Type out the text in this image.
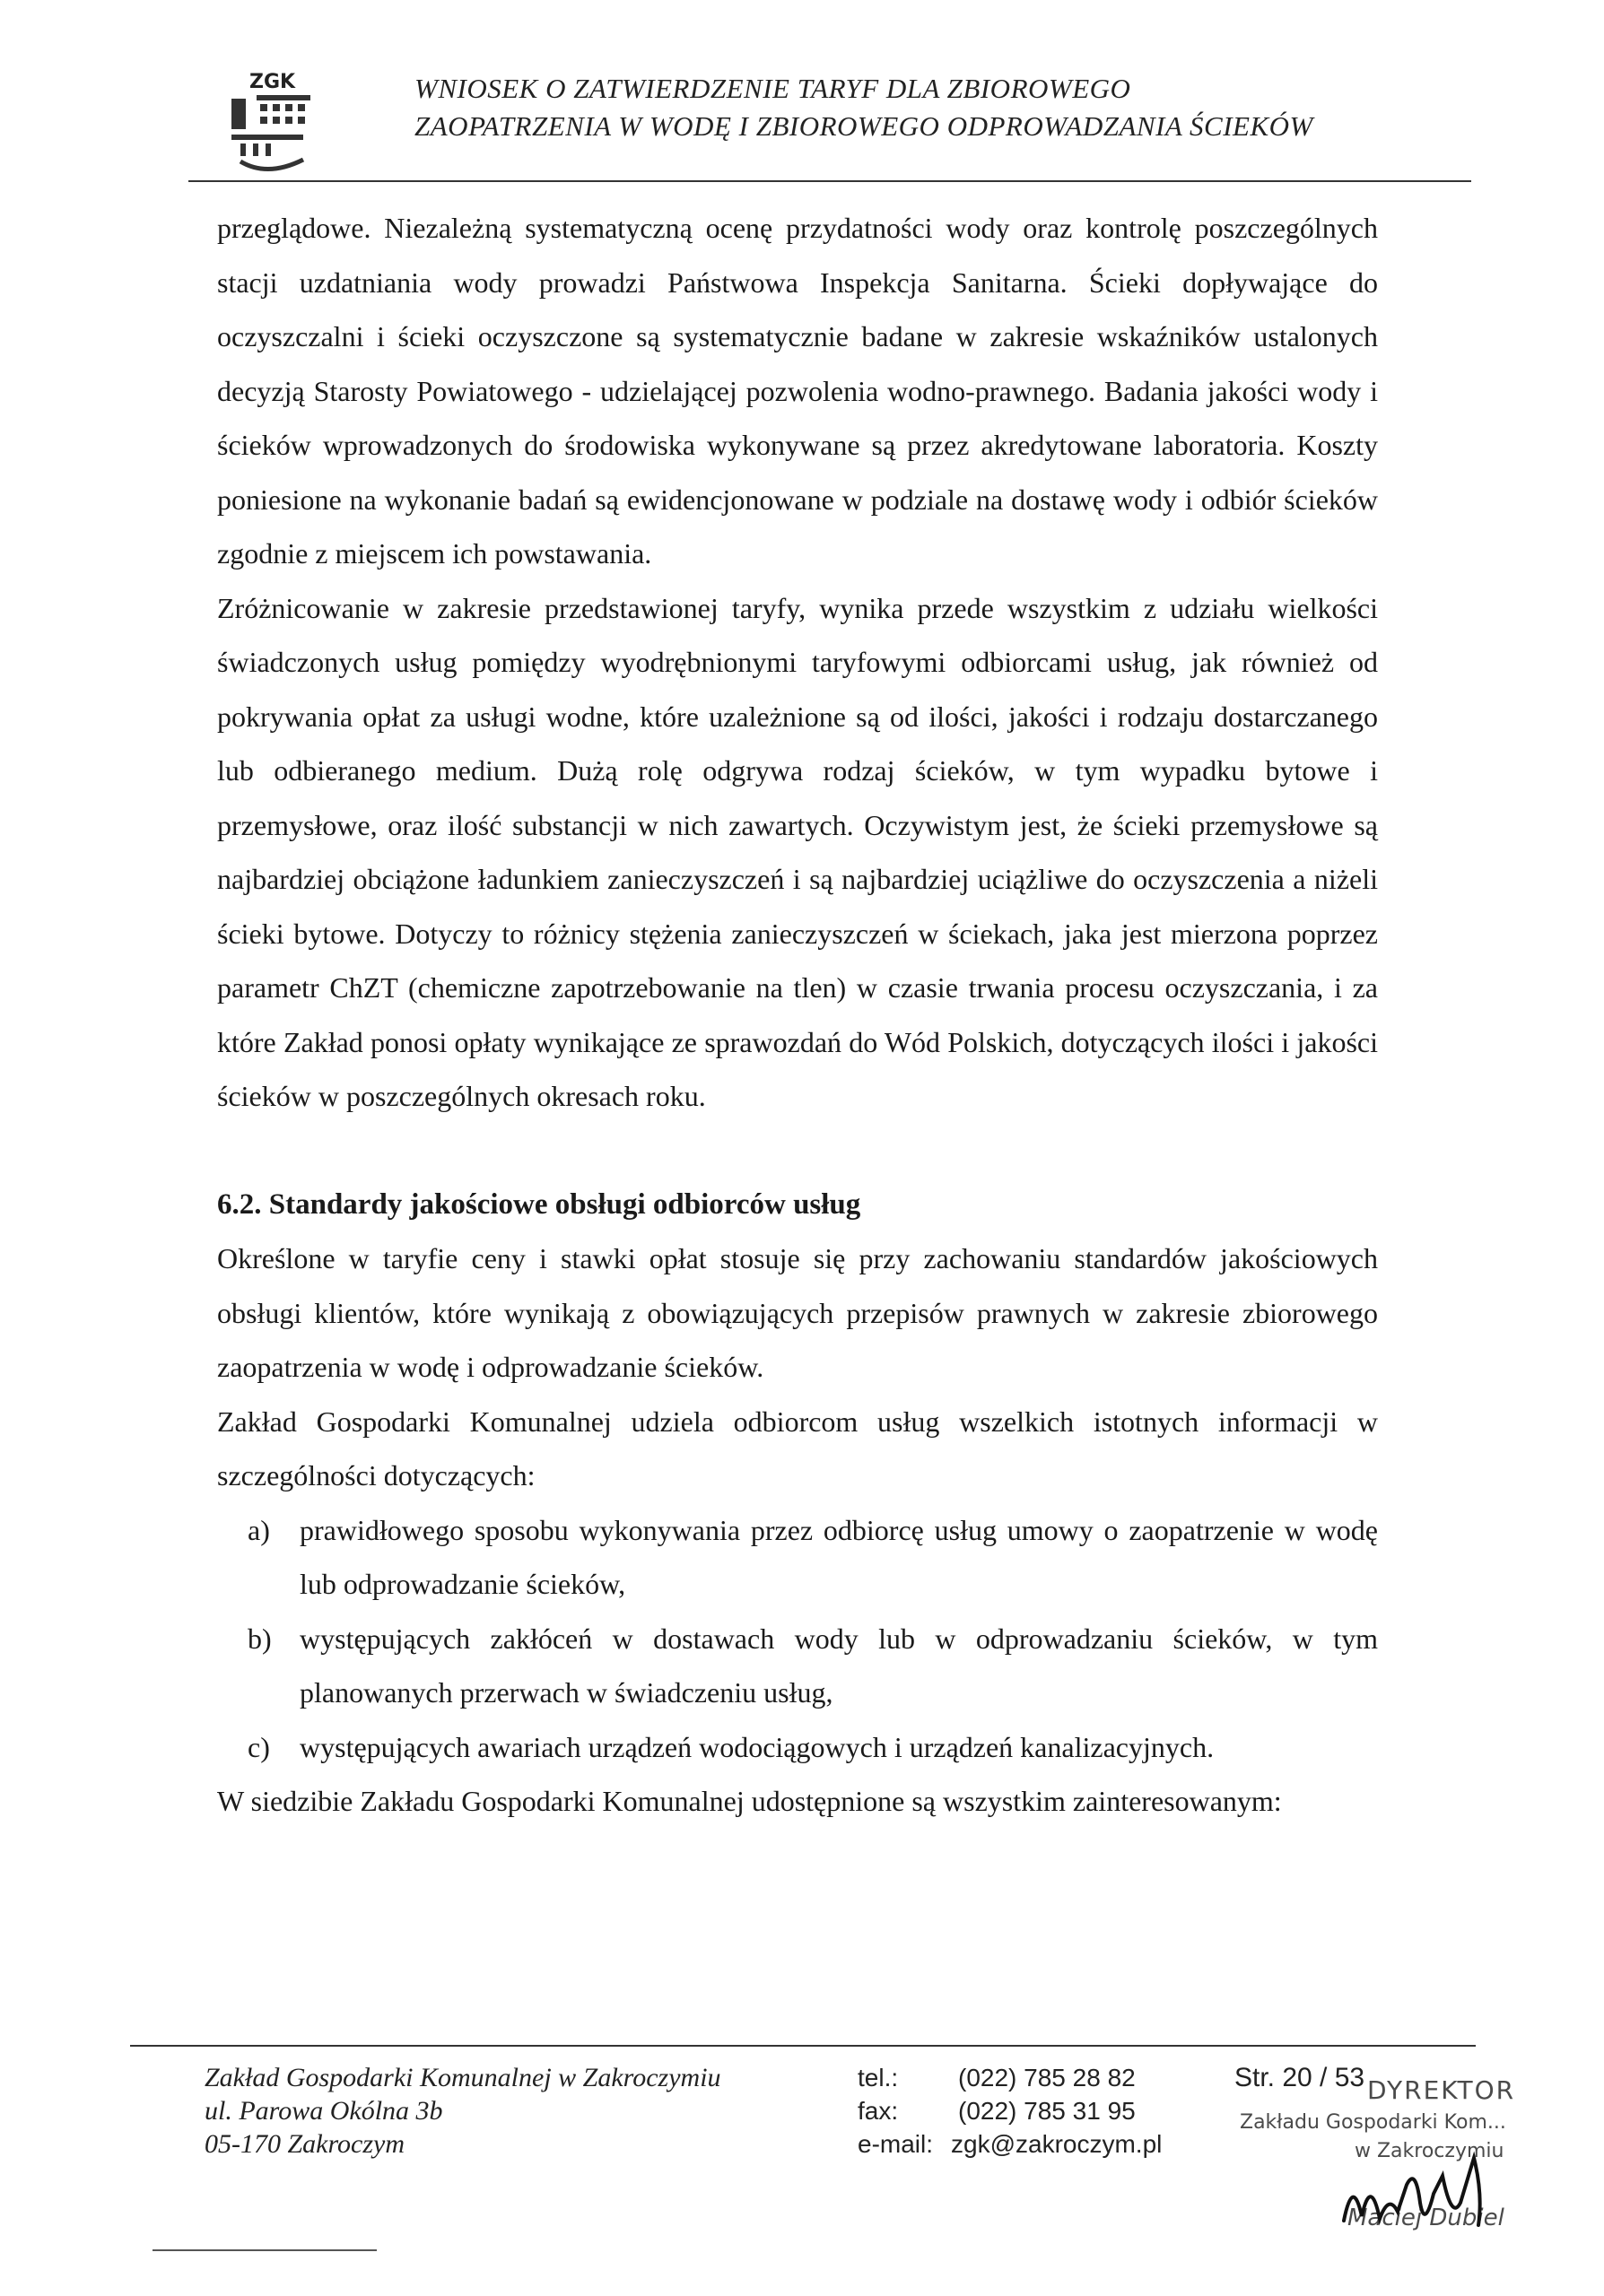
ZGK	WNIOSEK O ZATWIERDZENIE TARYF DLA ZBIOROWEGO
ZAOPATRZENIA W WODĘ I ZBIOROWEGO ODPROWADZANIA ŚCIEKÓW

przeglądowe. Niezależną systematyczną ocenę przydatności wody oraz kontrolę poszczególnych stacji uzdatniania wody prowadzi Państwowa Inspekcja Sanitarna. Ścieki dopływające do oczyszczalni i ścieki oczyszczone są systematycznie badane w zakresie wskaźników ustalonych decyzją Starosty Powiatowego - udzielającej pozwolenia wodno-prawnego. Badania jakości wody i ścieków wprowadzonych do środowiska wykonywane są przez akredytowane laboratoria. Koszty poniesione na wykonanie badań są ewidencjonowane w podziale na dostawę wody i odbiór ścieków zgodnie z miejscem ich powstawania.

Zróżnicowanie w zakresie przedstawionej taryfy, wynika przede wszystkim z udziału wielkości świadczonych usług pomiędzy wyodrębnionymi taryfowymi odbiorcami usług, jak również od pokrywania opłat za usługi wodne, które uzależnione są od ilości, jakości i rodzaju dostarczanego lub odbieranego medium. Dużą rolę odgrywa rodzaj ścieków, w tym wypadku bytowe i przemysłowe, oraz ilość substancji w nich zawartych. Oczywistym jest, że ścieki przemysłowe są najbardziej obciążone ładunkiem zanieczyszczeń i są najbardziej uciążliwe do oczyszczenia a niżeli ścieki bytowe. Dotyczy to różnicy stężenia zanieczyszczeń w ściekach, jaka jest mierzona poprzez parametr ChZT (chemiczne zapotrzebowanie na tlen) w czasie trwania procesu oczyszczania, i za które Zakład ponosi opłaty wynikające ze sprawozdań do Wód Polskich, dotyczących ilości i jakości ścieków w poszczególnych okresach roku.

6.2. Standardy jakościowe obsługi odbiorców usług

Określone w taryfie ceny i stawki opłat stosuje się przy zachowaniu standardów jakościowych obsługi klientów, które wynikają z obowiązujących przepisów prawnych w zakresie zbiorowego zaopatrzenia w wodę i odprowadzanie ścieków.

Zakład Gospodarki Komunalnej udziela odbiorcom usług wszelkich istotnych informacji w szczególności dotyczących:

a)	prawidłowego sposobu wykonywania przez odbiorcę usług umowy o zaopatrzenie w wodę lub odprowadzanie ścieków,
b) występujących zakłóceń w dostawach wody lub w odprowadzaniu ścieków, w tym planowanych przerwach w świadczeniu usług,
c)	występujących awariach urządzeń wodociągowych i urządzeń kanalizacyjnych.

W siedzibie Zakładu Gospodarki Komunalnej udostępnione są wszystkim zainteresowanym:

Zakład Gospodarki Komunalnej w Zakroczymiu
ul. Parowa Okólna 3b
05-170 Zakroczym
tel.:	(022) 785 28 82
fax:	(022) 785 31 95
e-mail: zgk@zakroczym.pl
Str. 20 / 53 DYREKTOR
Zakładu Gospodarki Kom...
w Zakroczymiu
Maciej Dubiel
